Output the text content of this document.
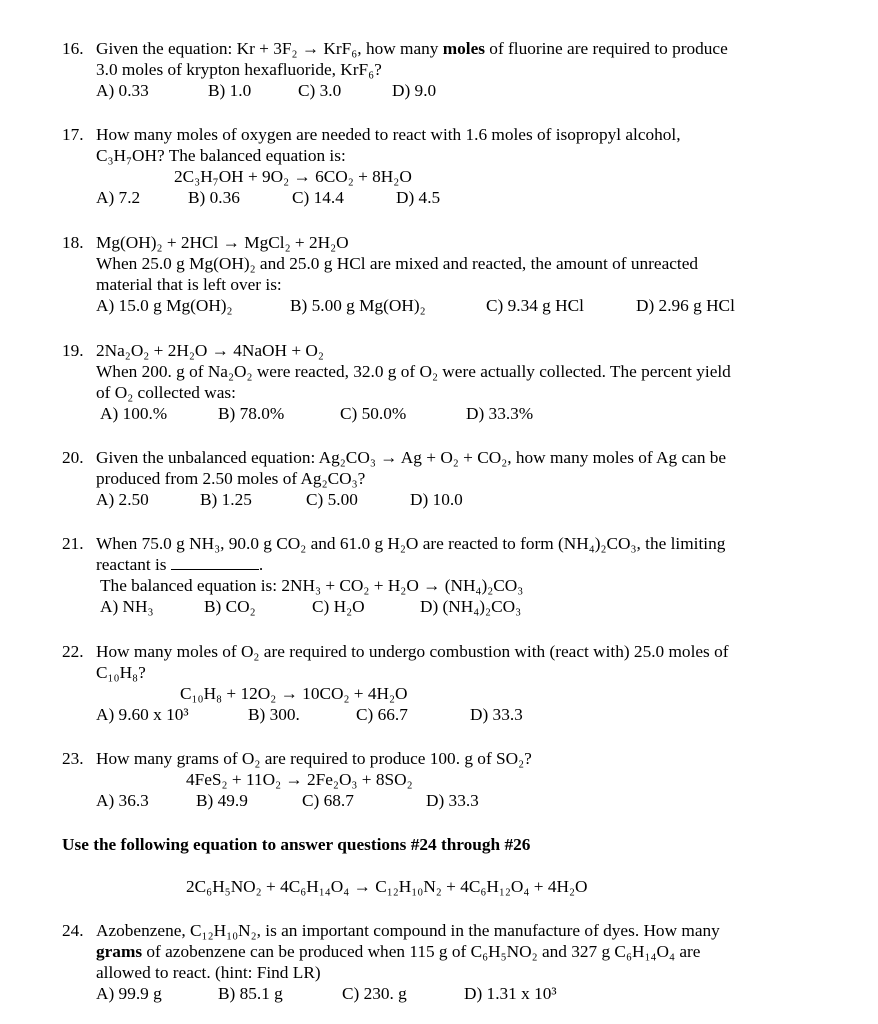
16. Given the equation: Kr + 3F₂ → KrF₆, how many moles of fluorine are required to produce
3.0 moles of krypton hexafluoride, KrF₆?
A) 0.33	B) 1.0	C) 3.0	D) 9.0
17. How many moles of oxygen are needed to react with 1.6 moles of isopropyl alcohol,
C₃H₇OH? The balanced equation is:
2C₃H₇OH + 9O₂ → 6CO₂ + 8H₂O
A) 7.2	B) 0.36	C) 14.4	D) 4.5
18. Mg(OH)₂ + 2HCl → MgCl₂ + 2H₂O
When 25.0 g Mg(OH)₂ and 25.0 g HCl are mixed and reacted, the amount of unreacted
material that is left over is:
A) 15.0 g Mg(OH)₂	B) 5.00 g Mg(OH)₂	C) 9.34 g HCl	D) 2.96 g HCl
19. 2Na₂O₂ + 2H₂O → 4NaOH + O₂
When 200. g of Na₂O₂ were reacted, 32.0 g of O₂ were actually collected. The percent yield
of O₂ collected was:
A) 100.%	B) 78.0%	C) 50.0%	D) 33.3%
20. Given the unbalanced equation: Ag₂CO₃ → Ag + O₂ + CO₂, how many moles of Ag can be
produced from 2.50 moles of Ag₂CO₃?
A) 2.50	B) 1.25	C) 5.00	D) 10.0
21. When 75.0 g NH₃, 90.0 g CO₂ and 61.0 g H₂O are reacted to form (NH₄)₂CO₃, the limiting
reactant is	.
The balanced equation is: 2NH₃ + CO₂ + H₂O → (NH₄)₂CO₃
A) NH₃	B) CO₂	C) H₂O	D) (NH₄)₂CO₃
22. How many moles of O₂ are required to undergo combustion with (react with) 25.0 moles of
C₁₀H₈?
C₁₀H₈ + 12O₂ → 10CO₂ + 4H₂O
A) 9.60 x 10³	B) 300.	C) 66.7	D) 33.3
23. How many grams of O₂ are required to produce 100. g of SO₂?
4FeS₂ + 11O₂ → 2Fe₂O₃ + 8SO₂
A) 36.3	B) 49.9	C) 68.7	D) 33.3
Use the following equation to answer questions #24 through #26
2C₆H₅NO₂ + 4C₆H₁₄O₄ → C₁₂H₁₀N₂ + 4C₆H₁₂O₄ + 4H₂O
24. Azobenzene, C₁₂H₁₀N₂, is an important compound in the manufacture of dyes. How many
grams of azobenzene can be produced when 115 g of C₆H₅NO₂ and 327 g C₆H₁₄O₄ are
allowed to react. (hint: Find LR)
A) 99.9 g	B) 85.1 g	C) 230. g	D) 1.31 x 10³
